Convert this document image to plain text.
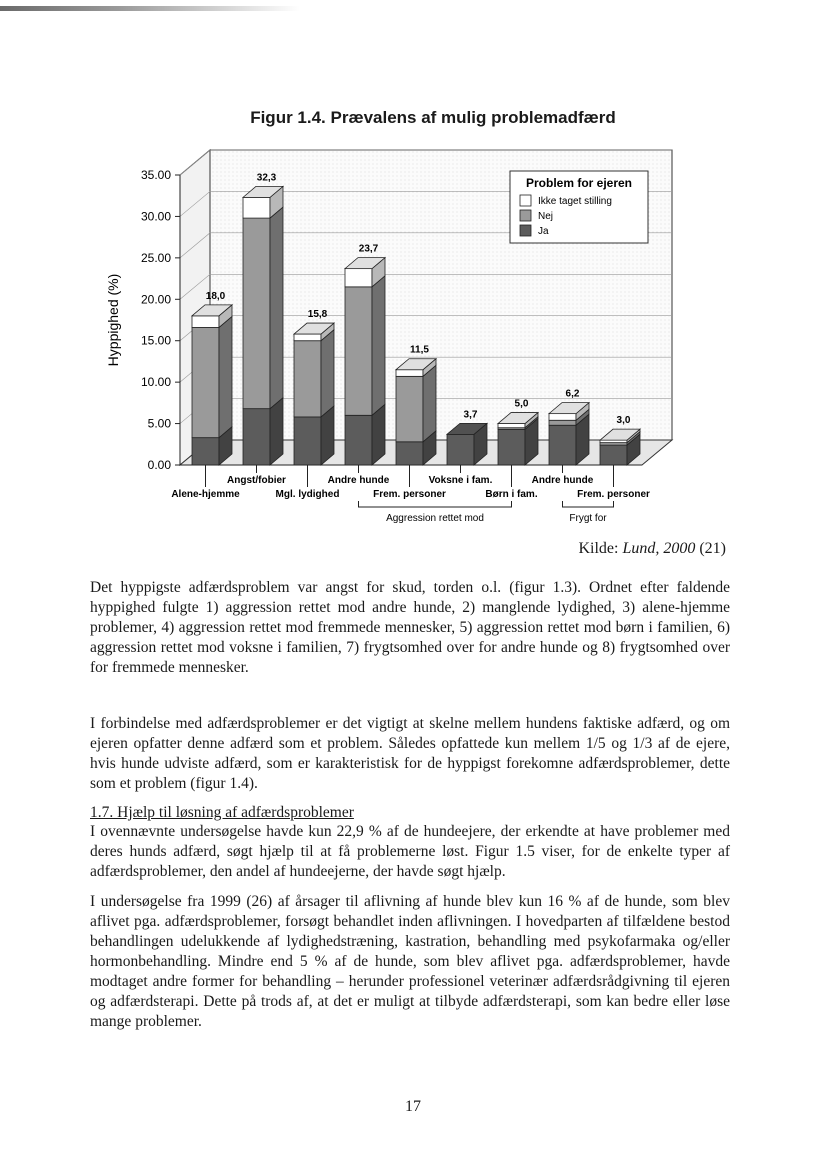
Figur 1.4. Prævalens af mulig problemadfærd
0.00
5.00
10.00
15.00
20.00
25.00
30.00
35.00
Hyppighed (%)	18,0
Alene-hjemme
32,3
Angst/fobier
15,8
Mgl. lydighed
23,7
Andre hunde
11,5
Frem. personer
3,7
Voksne i fam.
5,0
Børn i fam.
6,2
Andre hunde
3,0
Frem. personer
Aggression rettet mod	Frygt for
Problem for ejeren
Ikke taget stilling
Nej
Ja
Kilde: Lund, 2000 (21)

Det hyppigste adfærdsproblem var angst for skud, torden o.l. (figur 1.3). Ordnet efter faldende hyppighed fulgte 1) aggression rettet mod andre hunde, 2) manglende lydighed, 3) alene-hjemme problemer, 4) aggression rettet mod fremmede mennesker, 5) aggression rettet mod børn i familien, 6) aggression rettet mod voksne i familien, 7) frygtsomhed over for andre hunde og 8) frygtsomhed over for fremmede mennesker.

I forbindelse med adfærdsproblemer er det vigtigt at skelne mellem hundens faktiske adfærd, og om ejeren opfatter denne adfærd som et problem. Således opfattede kun mellem 1/5 og 1/3 af de ejere, hvis hunde udviste adfærd, som er karakteristisk for de hyppigst forekomne adfærdsproblemer, dette som et problem (figur 1.4).

1.7. Hjælp til løsning af adfærdsproblemer

I ovennævnte undersøgelse havde kun 22,9 % af de hundeejere, der erkendte at have problemer med deres hunds adfærd, søgt hjælp til at få problemerne løst. Figur 1.5 viser, for de enkelte typer af adfærdsproblemer, den andel af hundeejerne, der havde søgt hjælp.

I undersøgelse fra 1999 (26) af årsager til aflivning af hunde blev kun 16 % af de hunde, som blev aflivet pga. adfærdsproblemer, forsøgt behandlet inden aflivningen. I hovedparten af tilfældene bestod behandlingen udelukkende af lydighedstræning, kastration, behandling med psykofarmaka og/eller hormonbehandling. Mindre end 5 % af de hunde, som blev aflivet pga. adfærdsproblemer, havde modtaget andre former for behandling – herunder professionel veterinær adfærdsrådgivning til ejeren og adfærdsterapi. Dette på trods af, at det er muligt at tilbyde adfærdsterapi, som kan bedre eller løse mange problemer.

17
